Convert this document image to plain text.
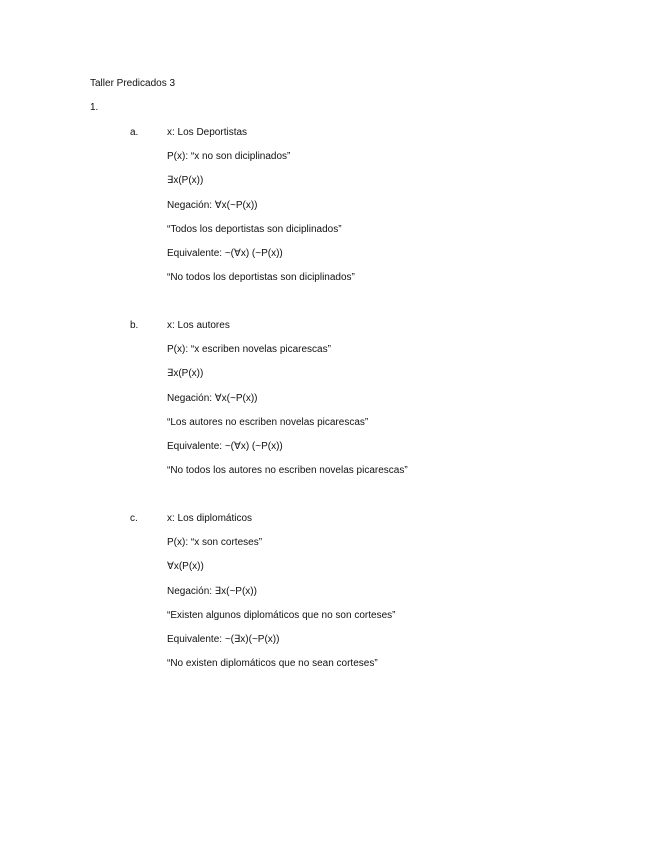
Taller Predicados 3
1.
a.	x: Los Deportistas
P(x): “x no son diciplinados”
∃x(P(x))
Negación: ∀x(~P(x))
“Todos los deportistas son diciplinados”
Equivalente: ~(∀x) (~P(x))
“No todos los deportistas son diciplinados”
b.	x: Los autores
P(x): “x escriben novelas picarescas”
∃x(P(x))
Negación: ∀x(~P(x))
“Los autores no escriben novelas picarescas”
Equivalente: ~(∀x) (~P(x))
“No todos los autores no escriben novelas picarescas”
c.	x: Los diplomáticos
P(x): “x son corteses”
∀x(P(x))
Negación: ∃x(~P(x))
“Existen algunos diplomáticos que no son corteses”
Equivalente: ~(∃x)(~P(x))
“No existen diplomáticos que no sean corteses”
